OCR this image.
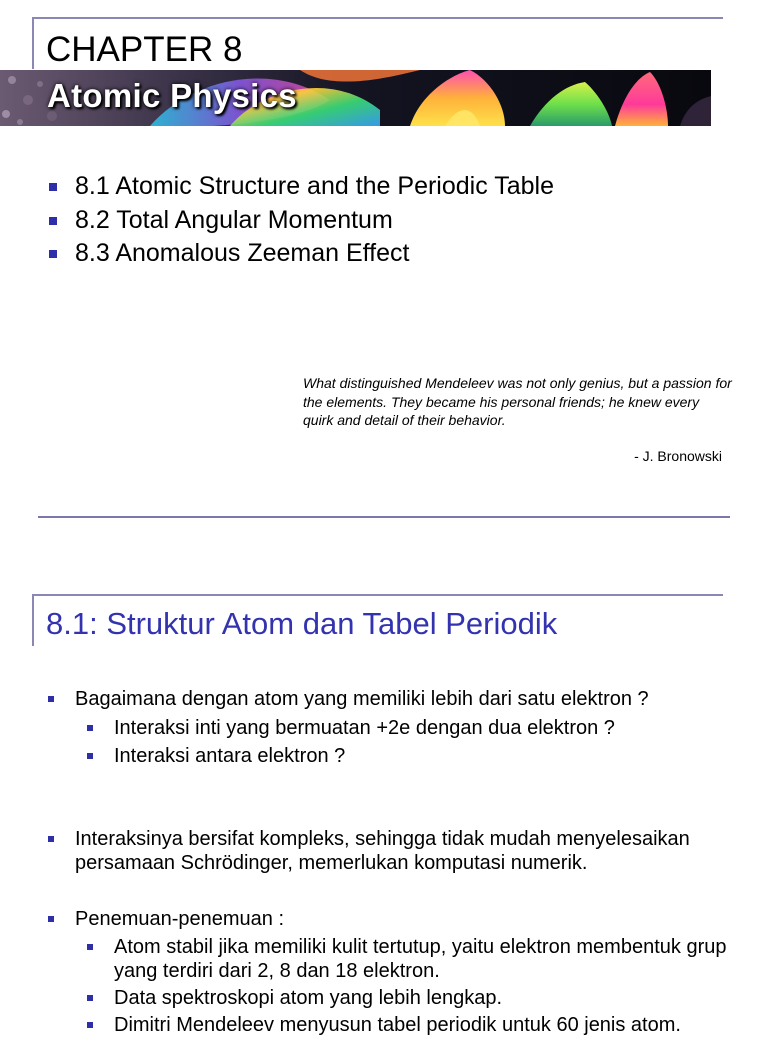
CHAPTER 8
Atomic Physics
8.1 Atomic Structure and the Periodic Table
8.2 Total Angular Momentum
8.3 Anomalous Zeeman Effect
What distinguished Mendeleev was not only genius, but a passion for the elements. They became his personal friends; he knew every quirk and detail of their behavior.
- J. Bronowski
8.1: Struktur Atom dan Tabel Periodik
Bagaimana dengan atom yang memiliki lebih dari satu elektron ?
Interaksi inti yang bermuatan +2e dengan dua elektron ?
Interaksi antara elektron ?
Interaksinya bersifat kompleks, sehingga tidak mudah menyelesaikan persamaan Schrödinger, memerlukan komputasi numerik.
Penemuan-penemuan :
Atom stabil jika memiliki kulit tertutup, yaitu elektron membentuk grup yang terdiri dari 2, 8 dan 18 elektron.
Data spektroskopi atom yang lebih lengkap.
Dimitri Mendeleev menyusun tabel periodik untuk 60 jenis atom.
